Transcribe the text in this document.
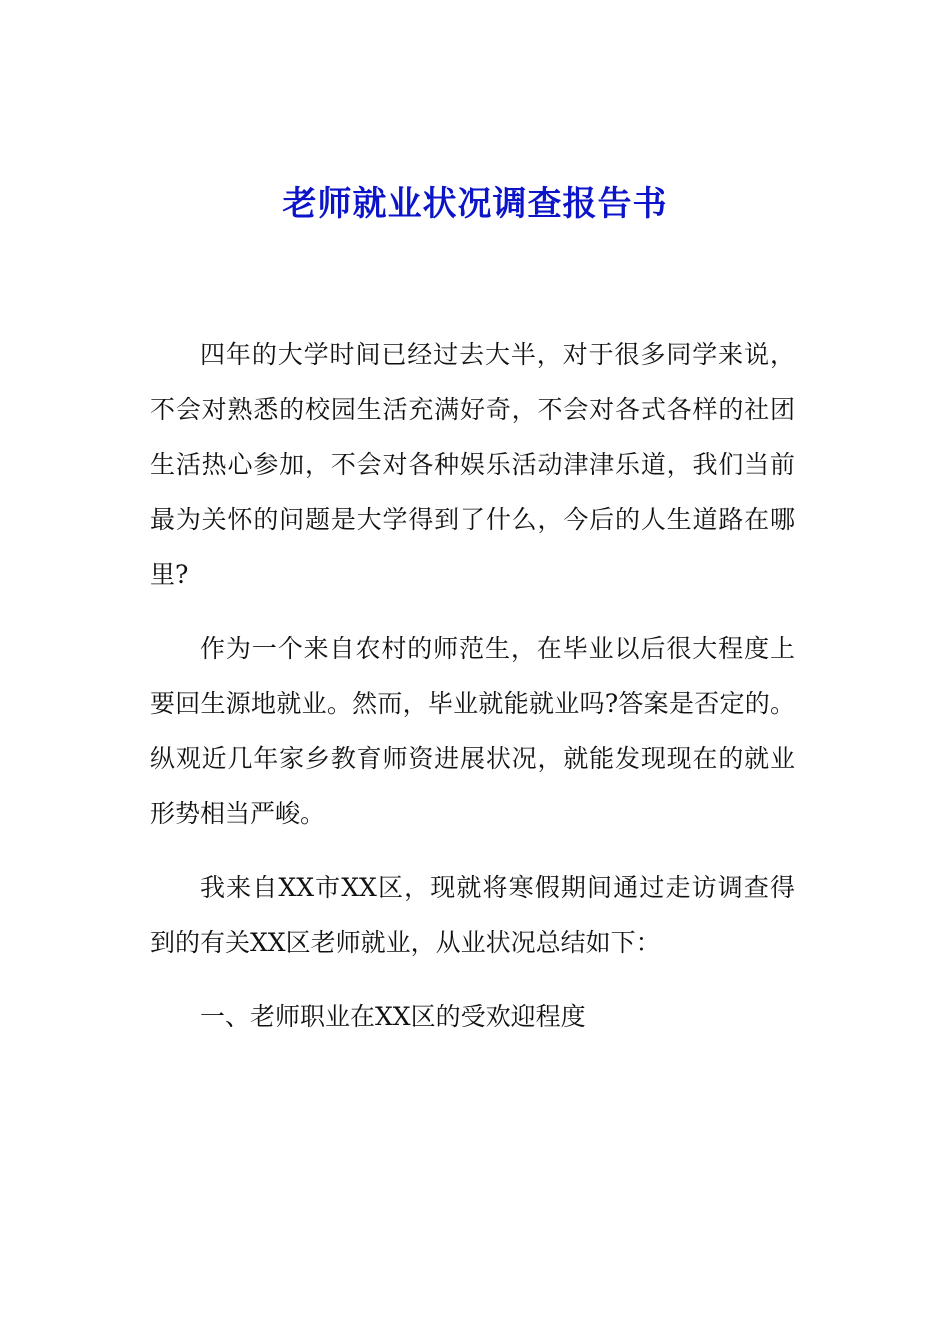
老师就业状况调查报告书

四年的大学时间已经过去大半，对于很多同学来说，不会对熟悉的校园生活充满好奇，不会对各式各样的社团生活热心参加，不会对各种娱乐活动津津乐道，我们当前最为关怀的问题是大学得到了什么，今后的人生道路在哪里?

作为一个来自农村的师范生，在毕业以后很大程度上要回生源地就业。然而，毕业就能就业吗?答案是否定的。纵观近几年家乡教育师资进展状况，就能发现现在的就业形势相当严峻。

我来自XX市XX区，现就将寒假期间通过走访调查得到的有关XX区老师就业，从业状况总结如下：

一、老师职业在XX区的受欢迎程度
